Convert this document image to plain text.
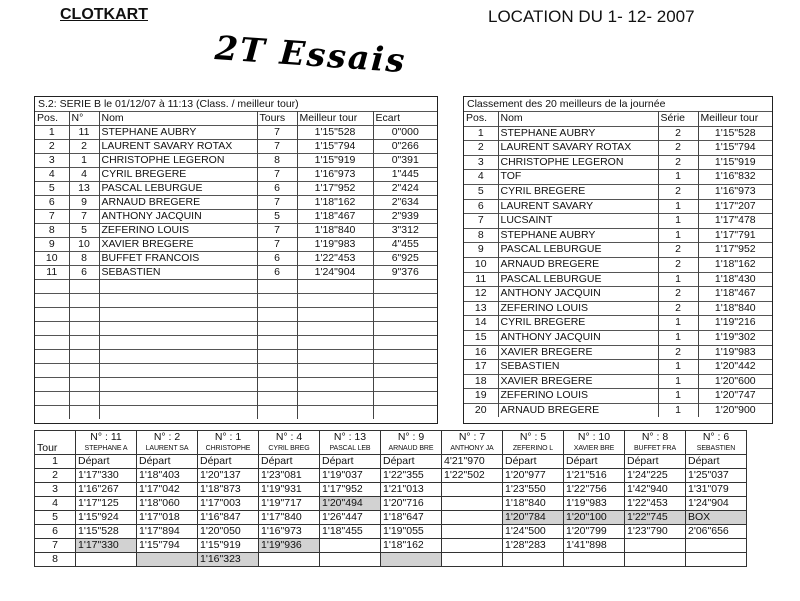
CLOTKART	LOCATION DU 1- 12- 2007
2T Essais
S.2: SERIE B le 01/12/07 à 11:13 (Class. / meilleur tour)
Pos.	N°	Nom	Tours	Meilleur tour	Ecart
1	11	STEPHANE AUBRY	7	1'15"528	0"000
2	2	LAURENT SAVARY ROTAX	7	1'15"794	0"266
3	1	CHRISTOPHE LEGERON	8	1'15"919	0"391
4	4	CYRIL BREGERE	7	1'16"973	1"445
5	13	PASCAL LEBURGUE	6	1'17"952	2"424
6	9	ARNAUD BREGERE	7	1'18"162	2"634
7	7	ANTHONY JACQUIN	5	1'18"467	2"939
8	5	ZEFERINO LOUIS	7	1'18"840	3"312
9	10	XAVIER BREGERE	7	1'19"983	4"455
10	8	BUFFET FRANCOIS	6	1'22"453	6"925
11	6	SEBASTIEN	6	1'24"904	9"376

Classement des 20 meilleurs de la journée
Pos.	Nom	Série	Meilleur tour
1	STEPHANE AUBRY	2	1'15"528
2	LAURENT SAVARY ROTAX	2	1'15"794
3	CHRISTOPHE LEGERON	2	1'15"919
4	TOF	1	1'16"832
5	CYRIL BREGERE	2	1'16"973
6	LAURENT SAVARY	1	1'17"207
7	LUCSAINT	1	1'17"478
8	STEPHANE AUBRY	1	1'17"791
9	PASCAL LEBURGUE	2	1'17"952
10	ARNAUD BREGERE	2	1'18"162
11	PASCAL LEBURGUE	1	1'18"430
12	ANTHONY JACQUIN	2	1'18"467
13	ZEFERINO LOUIS	2	1'18"840
14	CYRIL BREGERE	1	1'19"216
15	ANTHONY JACQUIN	1	1'19"302
16	XAVIER BREGERE	2	1'19"983
17	SEBASTIEN	1	1'20"442
18	XAVIER BREGERE	1	1'20"600
19	ZEFERINO LOUIS	1	1'20"747
20	ARNAUD BREGERE	1	1'20"900
Tour	N° : 11
STEPHANE A	N° : 2
LAURENT SA	N° : 1
CHRISTOPHE	N° : 4
CYRIL BREG	N° : 13
PASCAL LEB	N° : 9
ARNAUD BRE	N° : 7
ANTHONY JA	N° : 5
ZEFERINO L	N° : 10
XAVIER BRE	N° : 8
BUFFET FRA	N° : 6
SEBASTIEN

1	Départ	Départ	Départ	Départ	Départ	Départ	4'21"970	Départ	Départ	Départ	Départ
2	1'17"330	1'18"403	1'20"137	1'23"081	1'19"037	1'22"355	1'22"502	1'20"977	1'21"516	1'24"225	1'25"037
3	1'16"267	1'17"042	1'18"873	1'19"931	1'17"952	1'21"013		1'23"550	1'22"756	1'42"940	1'31"079
4	1'17"125	1'18"060	1'17"003	1'19"717	1'20"494	1'20"716		1'18"840	1'19"983	1'22"453	1'24"904
5	1'15"924	1'17"018	1'16"847	1'17"840	1'26"447	1'18"647		1'20"784	1'20"100	1'22"745	BOX
6	1'15"528	1'17"894	1'20"050	1'16"973	1'18"455	1'19"055		1'24"500	1'20"799	1'23"790	2'06"656
7	1'17"330	1'15"794	1'15"919	1'19"936		1'18"162		1'28"283	1'41"898		
8			1'16"323								
